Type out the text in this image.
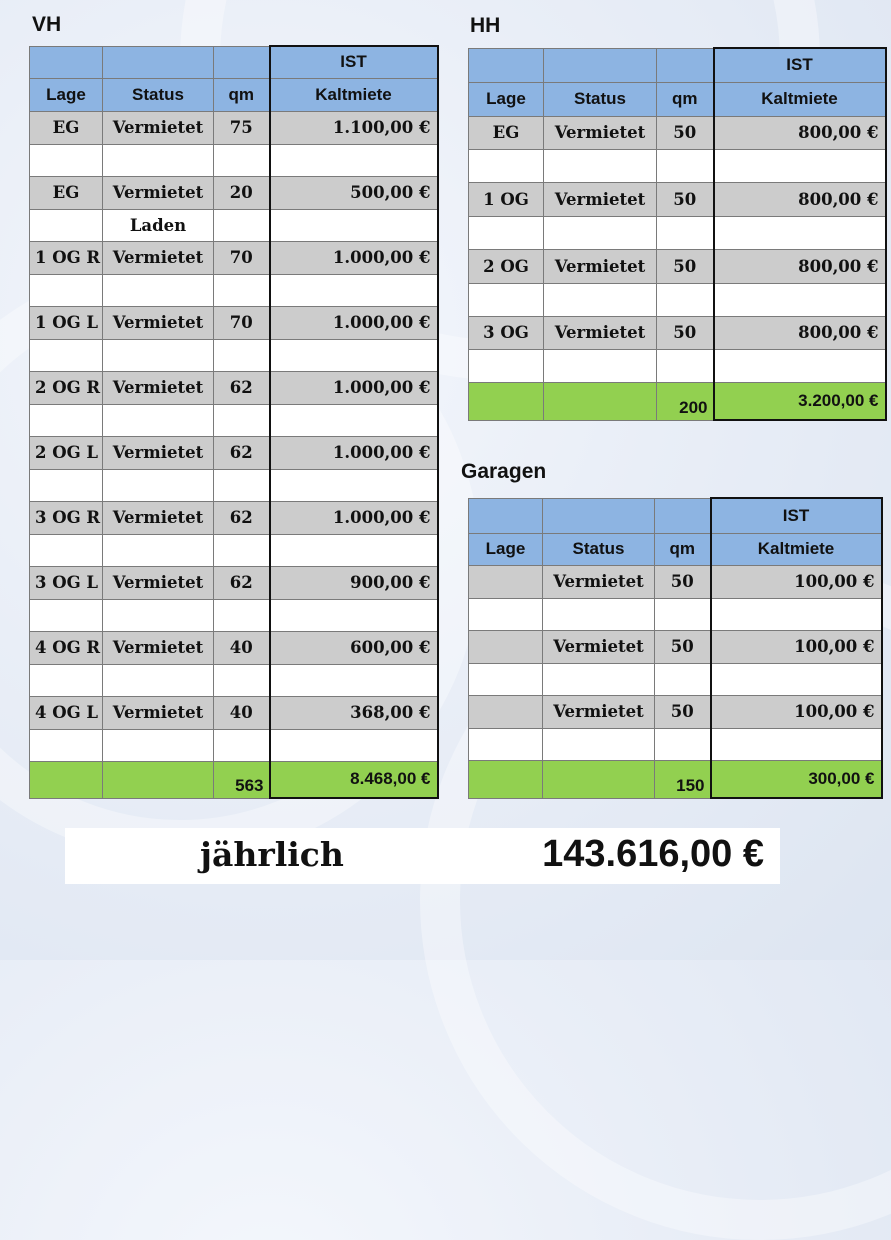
VH
			IST
Lage	Status	qm	Kaltmiete
EG	Vermietet	75	1.100,00 €

EG	Vermietet	20	500,00 €
	Laden		
1 OG R	Vermietet	70	1.000,00 €

1 OG L	Vermietet	70	1.000,00 €

2 OG R	Vermietet	62	1.000,00 €

2 OG L	Vermietet	62	1.000,00 €

3 OG R	Vermietet	62	1.000,00 €

3 OG L	Vermietet	62	900,00 €

4 OG R	Vermietet	40	600,00 €

4 OG L	Vermietet	40	368,00 €

		563	8.468,00 €
HH
			IST
Lage	Status	qm	Kaltmiete
EG	Vermietet	50	800,00 €

1 OG	Vermietet	50	800,00 €

2 OG	Vermietet	50	800,00 €

3 OG	Vermietet	50	800,00 €

		200	3.200,00 €
Garagen
			IST
Lage	Status	qm	Kaltmiete
	Vermietet	50	100,00 €

	Vermietet	50	100,00 €

	Vermietet	50	100,00 €

		150	300,00 €
jährlich	143.616,00 €
